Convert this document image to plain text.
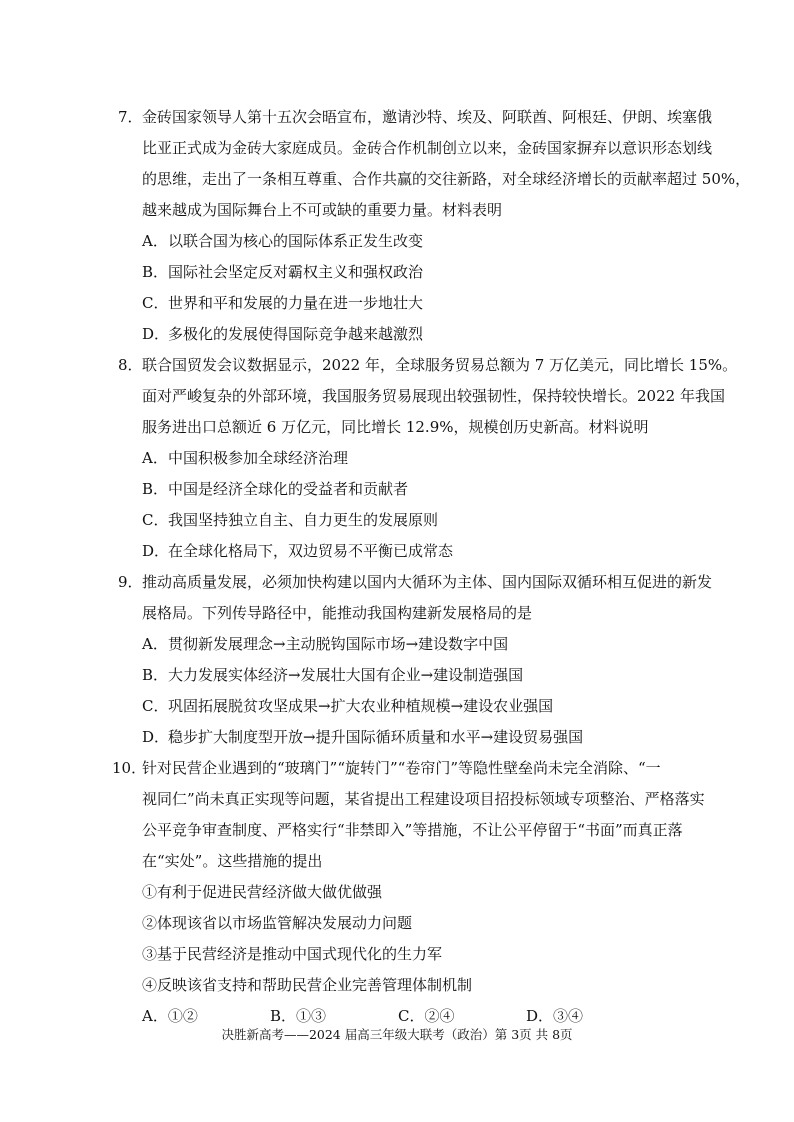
7．金砖国家领导人第十五次会晤宣布，邀请沙特、埃及、阿联酋、阿根廷、伊朗、埃塞俄
比亚正式成为金砖大家庭成员。金砖合作机制创立以来，金砖国家摒弃以意识形态划线
的思维，走出了一条相互尊重、合作共赢的交往新路，对全球经济增长的贡献率超过 50%，
越来越成为国际舞台上不可或缺的重要力量。材料表明
A．以联合国为核心的国际体系正发生改变
B．国际社会坚定反对霸权主义和强权政治
C．世界和平和发展的力量在进一步地壮大
D．多极化的发展使得国际竞争越来越激烈
8．联合国贸发会议数据显示，2022 年，全球服务贸易总额为 7 万亿美元，同比增长 15%。
面对严峻复杂的外部环境，我国服务贸易展现出较强韧性，保持较快增长。2022 年我国
服务进出口总额近 6 万亿元，同比增长 12.9%，规模创历史新高。材料说明
A．中国积极参加全球经济治理
B．中国是经济全球化的受益者和贡献者
C．我国坚持独立自主、自力更生的发展原则
D．在全球化格局下，双边贸易不平衡已成常态
9．推动高质量发展，必须加快构建以国内大循环为主体、国内国际双循环相互促进的新发
展格局。下列传导路径中，能推动我国构建新发展格局的是
A．贯彻新发展理念→主动脱钩国际市场→建设数字中国
B．大力发展实体经济→发展壮大国有企业→建设制造强国
C．巩固拓展脱贫攻坚成果→扩大农业种植规模→建设农业强国
D．稳步扩大制度型开放→提升国际循环质量和水平→建设贸易强国
10．针对民营企业遇到的“玻璃门”“旋转门”“卷帘门”等隐性壁垒尚未完全消除、“一
视同仁”尚未真正实现等问题，某省提出工程建设项目招投标领域专项整治、严格落实
公平竞争审查制度、严格实行“非禁即入”等措施，不让公平停留于“书面”而真正落
在“实处”。这些措施的提出
①有利于促进民营经济做大做优做强
②体现该省以市场监管解决发展动力问题
③基于民营经济是推动中国式现代化的生力军
④反映该省支持和帮助民营企业完善管理体制机制
A．①②	B．①③	C．②④	D．③④
决胜新高考——2024 届高三年级大联考（政治）第 3页 共 8页
